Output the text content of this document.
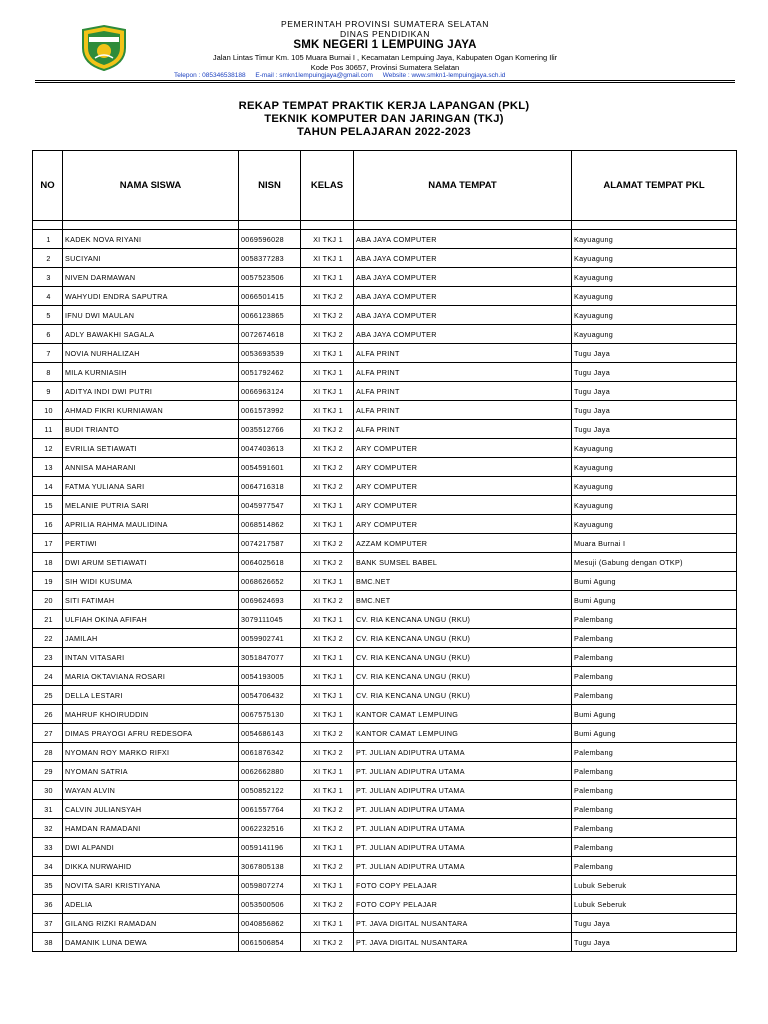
PEMERINTAH PROVINSI SUMATERA SELATAN
DINAS PENDIDIKAN
SMK NEGERI 1 LEMPUING JAYA
Jalan Lintas Timur Km. 105 Muara Burnai I , Kecamatan Lempuing Jaya, Kabupaten Ogan Komering Ilir
Kode Pos 30657, Provinsi Sumatera Selatan
Telepon : 085346538188 E-mail : smkn1lempuingjaya@gmail.com Website : www.smkn1-lempuingjaya.sch.id
REKAP TEMPAT PRAKTIK KERJA LAPANGAN (PKL)
TEKNIK KOMPUTER DAN JARINGAN (TKJ)
TAHUN PELAJARAN 2022-2023
NO	NAMA SISWA	NISN	KELAS	NAMA TEMPAT	ALAMAT TEMPAT PKL

1	KADEK NOVA RIYANI	0069596028	XI TKJ 1	ABA JAYA COMPUTER	Kayuagung
2	SUCIYANI	0058377283	XI TKJ 1	ABA JAYA COMPUTER	Kayuagung
3	NIVEN DARMAWAN	0057523506	XI TKJ 1	ABA JAYA COMPUTER	Kayuagung
4	WAHYUDI ENDRA SAPUTRA	0066501415	XI TKJ 2	ABA JAYA COMPUTER	Kayuagung
5	IFNU DWI MAULAN	0066123865	XI TKJ 2	ABA JAYA COMPUTER	Kayuagung
6	ADLY BAWAKHI SAGALA	0072674618	XI TKJ 2	ABA JAYA COMPUTER	Kayuagung
7	NOVIA NURHALIZAH	0053693539	XI TKJ 1	ALFA PRINT	Tugu Jaya
8	MILA KURNIASIH	0051792462	XI TKJ 1	ALFA PRINT	Tugu Jaya
9	ADITYA INDI DWI PUTRI	0066963124	XI TKJ 1	ALFA PRINT	Tugu Jaya
10	AHMAD FIKRI KURNIAWAN	0061573992	XI TKJ 1	ALFA PRINT	Tugu Jaya
11	BUDI TRIANTO	0035512766	XI TKJ 2	ALFA PRINT	Tugu Jaya
12	EVRILIA SETIAWATI	0047403613	XI TKJ 2	ARY COMPUTER	Kayuagung
13	ANNISA MAHARANI	0054591601	XI TKJ 2	ARY COMPUTER	Kayuagung
14	FATMA YULIANA SARI	0064716318	XI TKJ 2	ARY COMPUTER	Kayuagung
15	MELANIE PUTRIA SARI	0045977547	XI TKJ 1	ARY COMPUTER	Kayuagung
16	APRILIA RAHMA MAULIDINA	0068514862	XI TKJ 1	ARY COMPUTER	Kayuagung
17	PERTIWI	0074217587	XI TKJ 2	AZZAM KOMPUTER	Muara Burnai I
18	DWI ARUM SETIAWATI	0064025618	XI TKJ 2	BANK SUMSEL BABEL	Mesuji (Gabung dengan OTKP)
19	SIH WIDI KUSUMA	0068626652	XI TKJ 1	BMC.NET	Bumi Agung
20	SITI FATIMAH	0069624693	XI TKJ 2	BMC.NET	Bumi Agung
21	ULFIAH OKINA AFIFAH	3079111045	XI TKJ 1	CV. RIA KENCANA UNGU (RKU)	Palembang
22	JAMILAH	0059902741	XI TKJ 2	CV. RIA KENCANA UNGU (RKU)	Palembang
23	INTAN VITASARI	3051847077	XI TKJ 1	CV. RIA KENCANA UNGU (RKU)	Palembang
24	MARIA OKTAVIANA ROSARI	0054193005	XI TKJ 1	CV. RIA KENCANA UNGU (RKU)	Palembang
25	DELLA LESTARI	0054706432	XI TKJ 1	CV. RIA KENCANA UNGU (RKU)	Palembang
26	MAHRUF KHOIRUDDIN	0067575130	XI TKJ 1	KANTOR CAMAT LEMPUING	Bumi Agung
27	DIMAS PRAYOGI AFRU REDESOFA	0054686143	XI TKJ 2	KANTOR CAMAT LEMPUING	Bumi Agung
28	NYOMAN ROY MARKO RIFXI	0061876342	XI TKJ 2	PT. JULIAN ADIPUTRA UTAMA	Palembang
29	NYOMAN SATRIA	0062662880	XI TKJ 1	PT. JULIAN ADIPUTRA UTAMA	Palembang
30	WAYAN ALVIN	0050852122	XI TKJ 1	PT. JULIAN ADIPUTRA UTAMA	Palembang
31	CALVIN JULIANSYAH	0061557764	XI TKJ 2	PT. JULIAN ADIPUTRA UTAMA	Palembang
32	HAMDAN RAMADANI	0062232516	XI TKJ 2	PT. JULIAN ADIPUTRA UTAMA	Palembang
33	DWI ALPANDI	0059141196	XI TKJ 1	PT. JULIAN ADIPUTRA UTAMA	Palembang
34	DIKKA NURWAHID	3067805138	XI TKJ 2	PT. JULIAN ADIPUTRA UTAMA	Palembang
35	NOVITA SARI KRISTIYANA	0059807274	XI TKJ 1	FOTO COPY PELAJAR	Lubuk Seberuk
36	ADELIA	0053500506	XI TKJ 2	FOTO COPY PELAJAR	Lubuk Seberuk
37	GILANG RIZKI RAMADAN	0040856862	XI TKJ 1	PT. JAVA DIGITAL NUSANTARA	Tugu Jaya
38	DAMANIK LUNA DEWA	0061506854	XI TKJ 2	PT. JAVA DIGITAL NUSANTARA	Tugu Jaya
